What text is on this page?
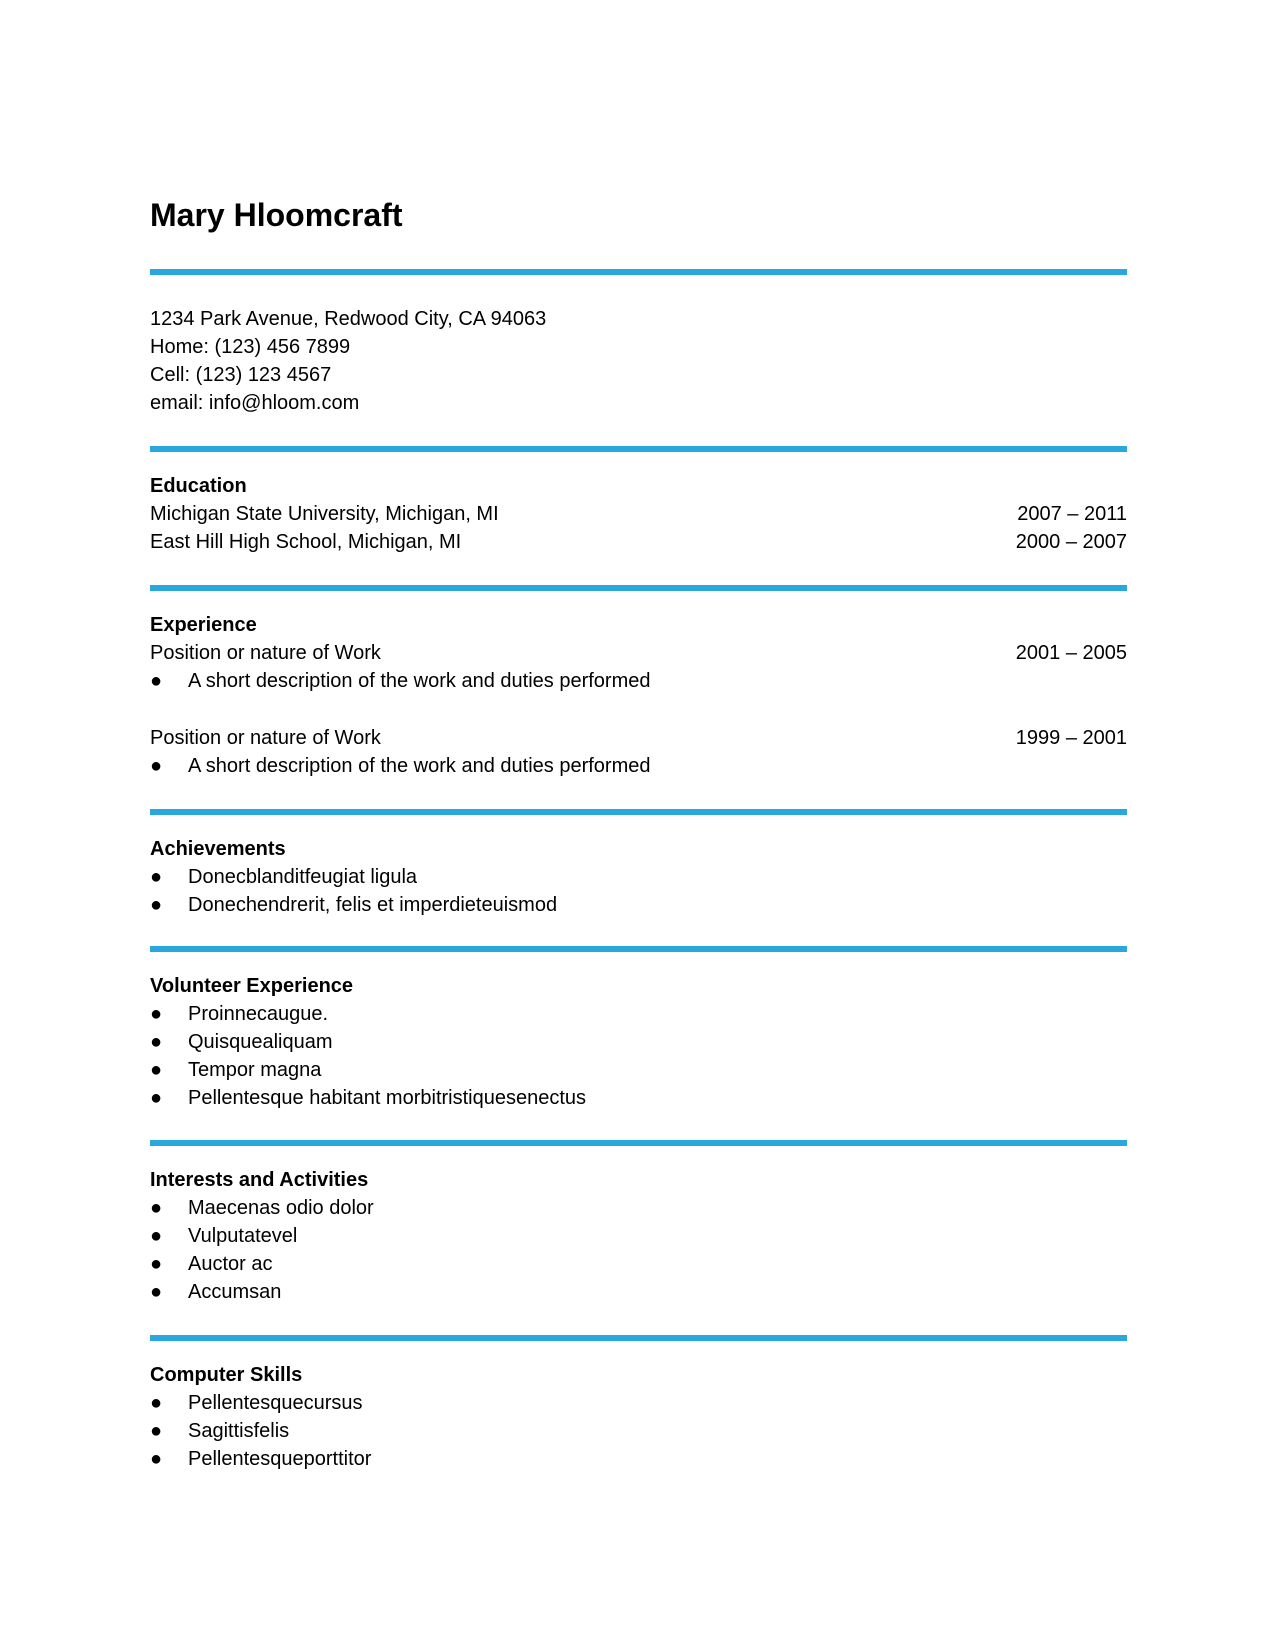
Mary Hloomcraft
1234 Park Avenue, Redwood City, CA 94063
Home: (123) 456 7899
Cell: (123) 123 4567
email: info@hloom.com
Education
Michigan State University, Michigan, MI	2007 – 2011
East Hill High School, Michigan, MI	2000 – 2007
Experience
Position or nature of Work	2001 – 2005
●	A short description of the work and duties performed
Position or nature of Work	1999 – 2001
●	A short description of the work and duties performed
Achievements
●	Donecblanditfeugiat ligula
●	Donechendrerit, felis et imperdieteuismod
Volunteer Experience
●	Proinnecaugue.
●	Quisquealiquam
●	Tempor magna
●	Pellentesque habitant morbitristiquesenectus
Interests and Activities
●	Maecenas odio dolor
●	Vulputatevel
●	Auctor ac
●	Accumsan
Computer Skills
●	Pellentesquecursus
●	Sagittisfelis
●	Pellentesqueporttitor
